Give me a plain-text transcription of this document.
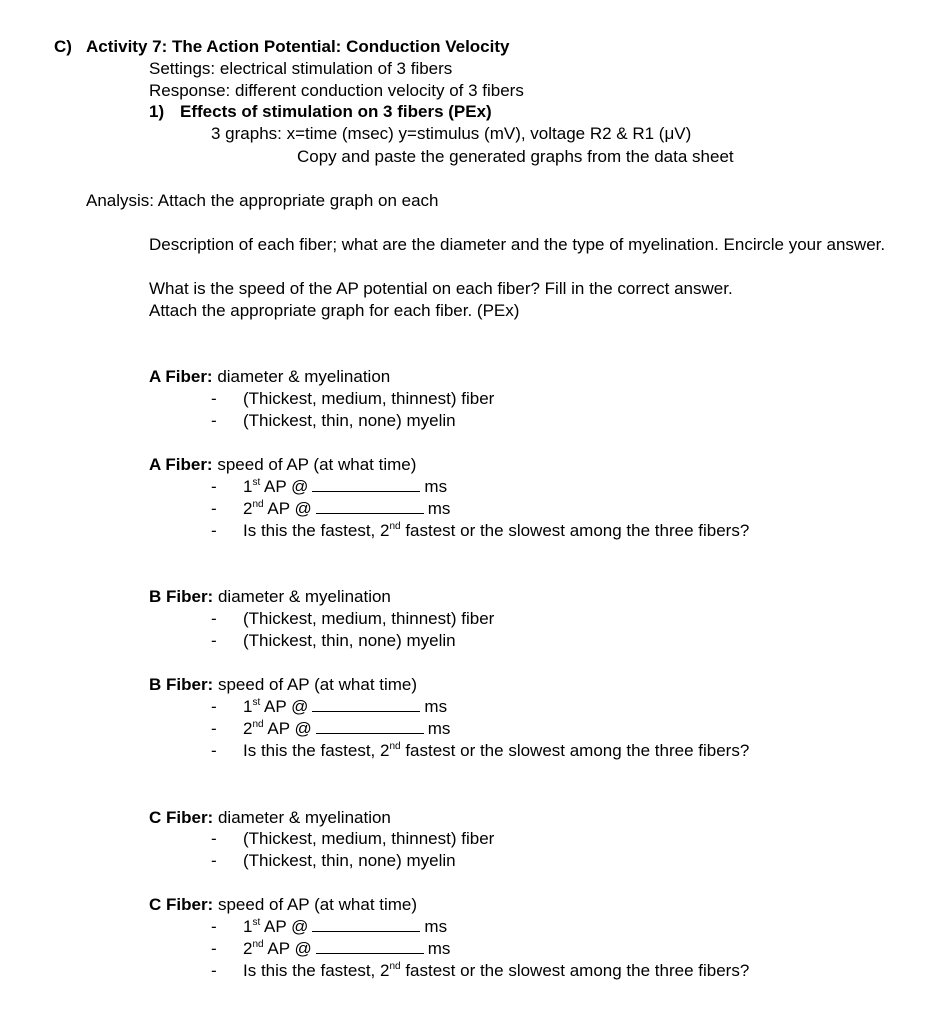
C) Activity 7: The Action Potential: Conduction Velocity
Settings: electrical stimulation of 3 fibers
Response: different conduction velocity of 3 fibers
1) Effects of stimulation on 3 fibers (PEx)
3 graphs: x=time (msec) y=stimulus (mV), voltage R2 & R1 (μV)
Copy and paste the generated graphs from the data sheet
Analysis: Attach the appropriate graph on each
Description of each fiber; what are the diameter and the type of myelination. Encircle your answer.
What is the speed of the AP potential on each fiber? Fill in the correct answer.
Attach the appropriate graph for each fiber. (PEx)
A Fiber: diameter & myelination
- (Thickest, medium, thinnest) fiber
- (Thickest, thin, none) myelin
A Fiber: speed of AP (at what time)
- 1st AP @	ms
- 2nd AP @	ms
- Is this the fastest, 2nd fastest or the slowest among the three fibers?
B Fiber: diameter & myelination
- (Thickest, medium, thinnest) fiber
- (Thickest, thin, none) myelin
B Fiber: speed of AP (at what time)
- 1st AP @	ms
- 2nd AP @	ms
- Is this the fastest, 2nd fastest or the slowest among the three fibers?
C Fiber: diameter & myelination
- (Thickest, medium, thinnest) fiber
- (Thickest, thin, none) myelin
C Fiber: speed of AP (at what time)
- 1st AP @	ms
- 2nd AP @	ms
- Is this the fastest, 2nd fastest or the slowest among the three fibers?
